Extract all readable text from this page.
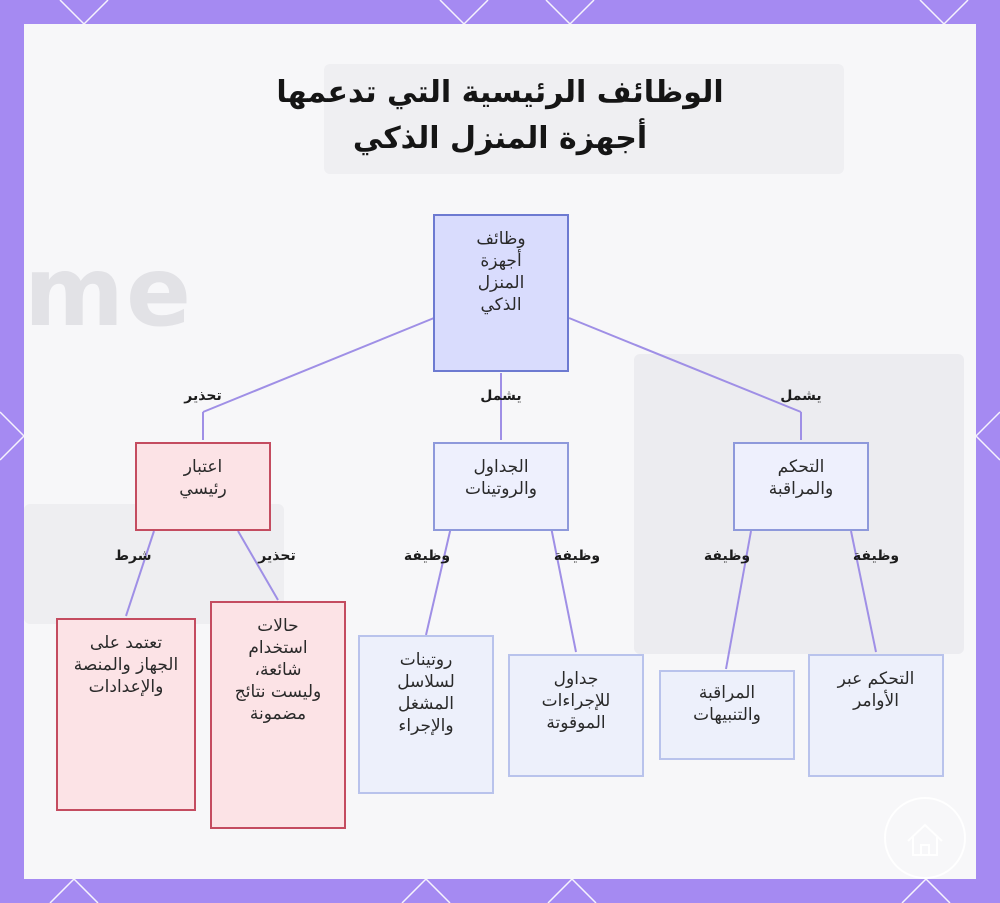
me
الوظائف الرئيسية التي تدعمها
أجهزة المنزل الذكي
وظائف أجهزة المنزل الذكي
التحكم والمراقبة
الجداول والروتينات
اعتبار رئيسي
التحكم عبر الأوامر
المراقبة والتنبيهات
جداول للإجراءات الموقوتة
روتينات لسلاسل المشغل والإجراء
حالات استخدام شائعة، وليست نتائج مضمونة
تعتمد على الجهاز والمنصة والإعدادات
تحذير	يشمل	يشمل
شرط	تحذير	وظيفة	وظيفة	وظيفة	وظيفة
